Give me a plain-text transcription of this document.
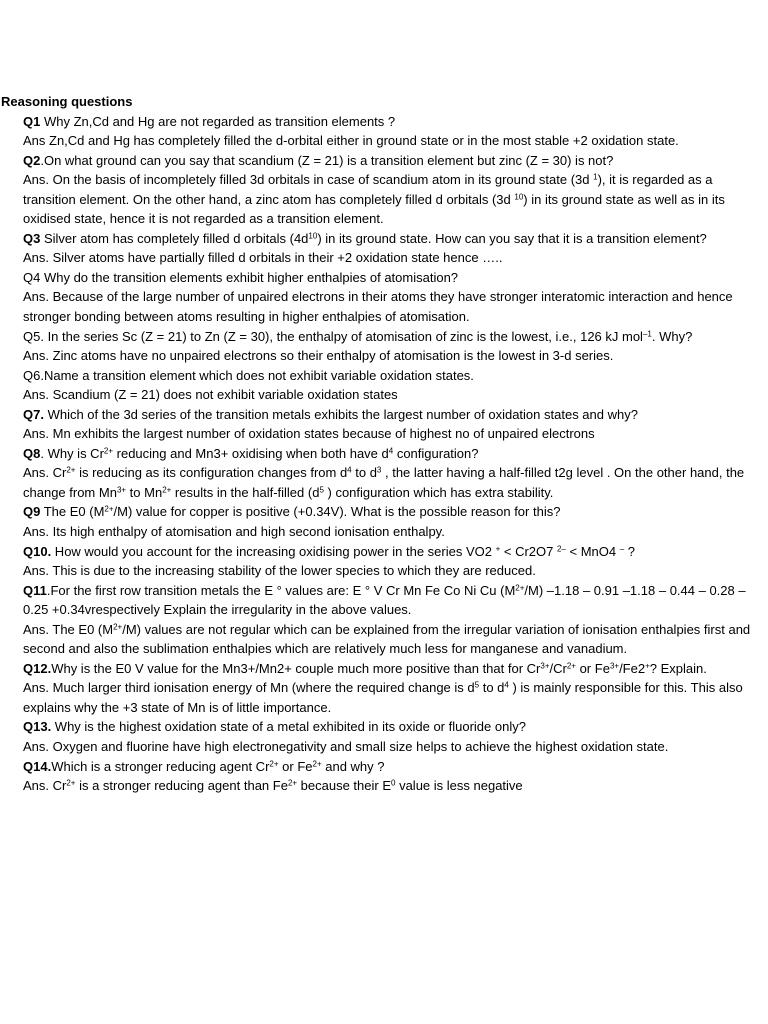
Reasoning questions

Q1 Why Zn,Cd and Hg are not regarded as transition elements ?

Ans Zn,Cd and Hg has completely filled the d-orbital either in ground state or in the most stable +2 oxidation state.

Q2.On what ground can you say that scandium (Z = 21) is a transition element but zinc (Z = 30) is not?

Ans. On the basis of incompletely filled 3d orbitals in case of scandium atom in its ground state (3d $^1$), it is regarded as a transition element. On the other hand, a zinc atom has completely filled d orbitals (3d $^{10}$) in its ground state as well as in its oxidised state, hence it is not regarded as a transition element.

Q3 Silver atom has completely filled d orbitals $(4d^{10})$ in its ground state. How can you say that it is a transition element?

Ans. Silver atoms have partially filled d orbitals in their +2 oxidation state hence …..

Q4 Why do the transition elements exhibit higher enthalpies of atomisation?

Ans. Because of the large number of unpaired electrons in their atoms they have stronger interatomic interaction and hence stronger bonding between atoms resulting in higher enthalpies of atomisation.

Q5. In the series Sc (Z = 21) to Zn (Z = 30), the enthalpy of atomisation of zinc is the lowest, i.e., 126 kJ mol$^{-1}$. Why?

Ans. Zinc atoms have no unpaired electrons so their enthalpy of atomisation is the lowest in 3-d series.

Q6.Name a transition element which does not exhibit variable oxidation states.

Ans. Scandium (Z = 21) does not exhibit variable oxidation states

Q7. Which of the 3d series of the transition metals exhibits the largest number of oxidation states and why?

Ans. Mn exhibits the largest number of oxidation states because of highest no of unpaired electrons

Q8. Why is $Cr^{2+}$ reducing and Mn3+ oxidising when both have $d^4$ configuration?

Ans. $Cr^{2+}$ is reducing as its configuration changes from $d^4$ to $d^3$ , the latter having a half-filled t2g level . On the other hand, the change from $Mn^{3+}$ to $Mn^{2+}$ results in the half-filled ($d^5$ ) configuration which has extra stability.

Q9 The E0 $(M^{2+}/M)$ value for copper is positive (+0.34V). What is the possible reason for this?

Ans. Its high enthalpy of atomisation and high second ionisation enthalpy.

Q10. How would you account for the increasing oxidising power in the series VO2 + < Cr2O7 $^{2-}$ < MnO4 – ?

Ans. This is due to the increasing stability of the lower species to which they are reduced.

Q11.For the first row transition metals the E ° values are: E ° V Cr Mn Fe Co Ni Cu $(M^{2+}/M)$ –1.18 – 0.91 –1.18 – 0.44 – 0.28 – 0.25 +0.34vrespectively Explain the irregularity in the above values.

Ans. The E0 $(M^{2+}/M)$ values are not regular which can be explained from the irregular variation of ionisation enthalpies first and second and also the sublimation enthalpies which are relatively much less for manganese and vanadium.

Q12.Why is the E0 V value for the Mn3+/Mn2+ couple much more positive than that for $Cr^{3+}/Cr^{2+}$ or $Fe^{3+}/Fe2^+$? Explain.

Ans. Much larger third ionisation energy of Mn (where the required change is $d^5$ to $d^4$ ) is mainly responsible for this. This also explains why the +3 state of Mn is of little importance.

Q13. Why is the highest oxidation state of a metal exhibited in its oxide or fluoride only?

Ans. Oxygen and fluorine have high electronegativity and small size helps to achieve the highest oxidation state.

Q14.Which is a stronger reducing agent $Cr^{2+}$ or $Fe^{2+}$ and why ?

Ans. $Cr^{2+}$ is a stronger reducing agent than $Fe^{2+}$ because their $E^0$ value is less negative
